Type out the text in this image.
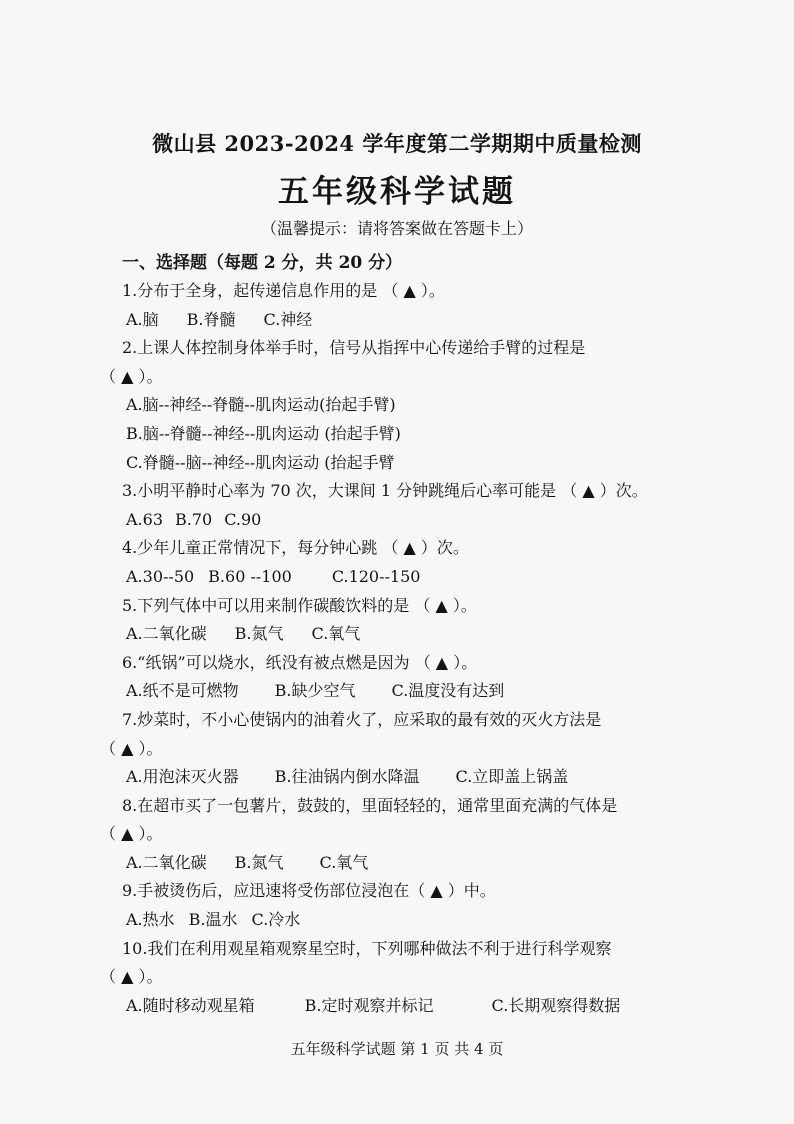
微山县 2023-2024 学年度第二学期期中质量检测
五年级科学试题
（温馨提示：请将答案做在答题卡上）
一、选择题（每题 2 分，共 20 分）
1.分布于全身，起传递信息作用的是 （ ▲ ）。
A.脑 B.脊髓 C.神经
2.上课人体控制身体举手时，信号从指挥中心传递给手臂的过程是
（ ▲ ）。
A.脑--神经--脊髓--肌肉运动(抬起手臂)
B.脑--脊髓--神经--肌肉运动 (抬起手臂)
C.脊髓--脑--神经--肌肉运动 (抬起手臂
3.小明平静时心率为 70 次，大课间 1 分钟跳绳后心率可能是 （ ▲ ）次。
A.63 B.70 C.90
4.少年儿童正常情况下，每分钟心跳 （ ▲ ）次。
A.30--50 B.60 --100	C.120--150
5.下列气体中可以用来制作碳酸饮料的是 （ ▲ ）。
A.二氧化碳 B.氮气 C.氧气
6.“纸锅”可以烧水，纸没有被点燃是因为 （ ▲ ）。
A.纸不是可燃物 B.缺少空气 C.温度没有达到
7.炒菜时，不小心使锅内的油着火了，应采取的最有效的灭火方法是
（ ▲ ）。
A.用泡沫灭火器 B.往油锅内倒水降温 C.立即盖上锅盖
8.在超市买了一包薯片，鼓鼓的，里面轻轻的，通常里面充满的气体是
（ ▲ ）。
A.二氧化碳 B.氮气 C.氧气
9.手被烫伤后，应迅速将受伤部位浸泡在（ ▲ ）中。
A.热水 B.温水 C.冷水
10.我们在利用观星箱观察星空时，下列哪种做法不利于进行科学观察
（ ▲ ）。
A.随时移动观星箱	B.定时观察并标记	C.长期观察得数据
五年级科学试题 第 1 页 共 4 页
